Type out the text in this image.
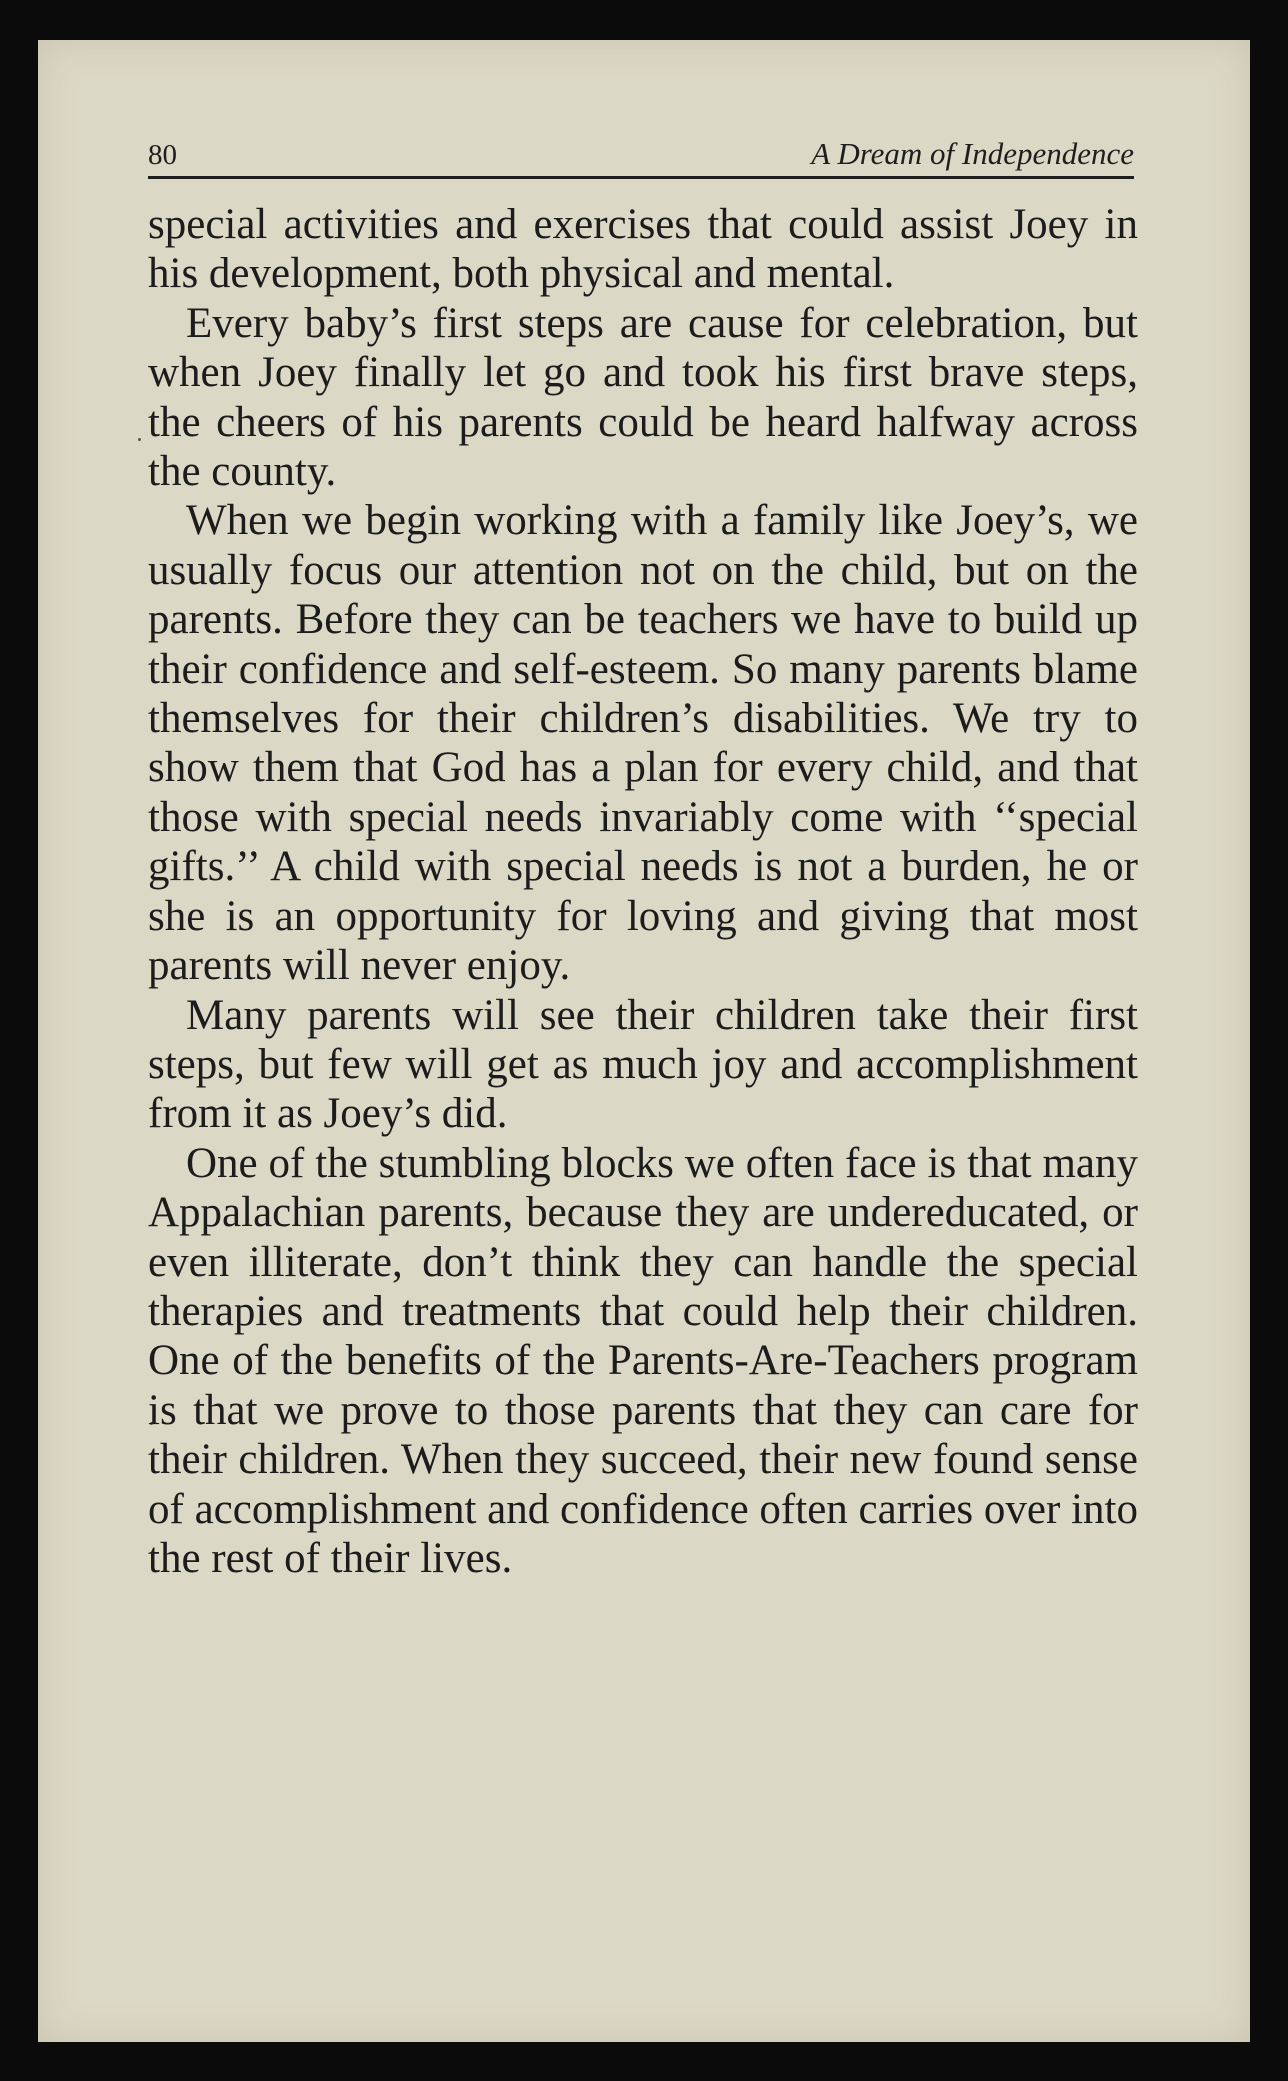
80	A Dream of Independence

special activities and exercises that could assist Joey in his development, both physical and mental.

Every baby’s first steps are cause for celebration, but when Joey finally let go and took his first brave steps, the cheers of his parents could be heard halfway across the county.

When we begin working with a family like Joey’s, we usually focus our attention not on the child, but on the parents. Before they can be teachers we have to build up their confidence and self-esteem. So many parents blame themselves for their children’s disabilities. We try to show them that God has a plan for every child, and that those with special needs invariably come with ‘‘special gifts.’’ A child with special needs is not a burden, he or she is an opportunity for loving and giving that most parents will never enjoy.

Many parents will see their children take their first steps, but few will get as much joy and accomplishment from it as Joey’s did.

One of the stumbling blocks we often face is that many Appalachian parents, because they are undereducated, or even illiterate, don’t think they can handle the special therapies and treatments that could help their children. One of the benefits of the Parents-Are-Teachers program is that we prove to those parents that they can care for their children. When they succeed, their new found sense of accomplishment and confidence often carries over into the rest of their lives.
